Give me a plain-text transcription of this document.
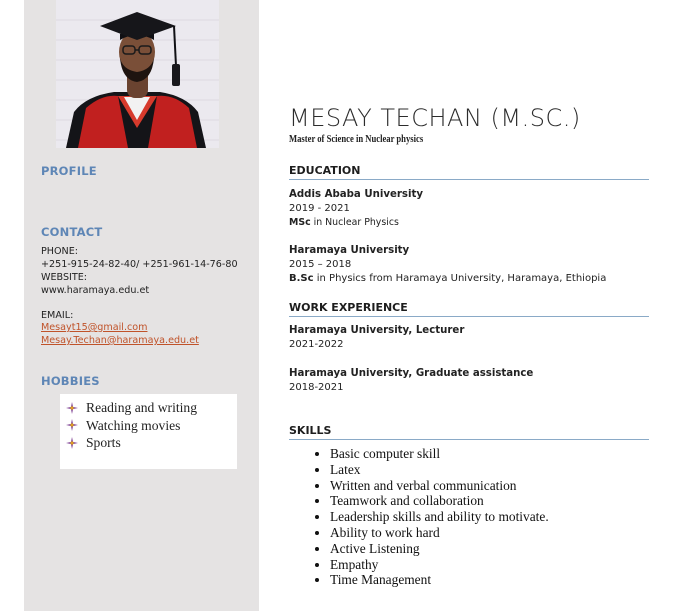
PROFILE
CONTACT
PHONE:
+251-915-24-82-40/ +251-961-14-76-80
WEBSITE:
www.haramaya.edu.et
EMAIL:
Mesayt15@gmail.com
Mesay.Techan@haramaya.edu.et
HOBBIES
Reading and writing
Watching movies
Sports
MESAY TECHAN (M.SC.)
Master of Science in Nuclear physics
EDUCATION
Addis Ababa University
2019 - 2021
MSc in Nuclear Physics
Haramaya University
2015 – 2018
B.Sc in Physics from Haramaya University, Haramaya, Ethiopia
WORK EXPERIENCE
Haramaya University, Lecturer
2021-2022
Haramaya University, Graduate assistance
2018-2021
SKILLS
• Basic computer skill
• Latex
• Written and verbal communication
• Teamwork and collaboration
• Leadership skills and ability to motivate.
• Ability to work hard
• Active Listening
• Empathy
• Time Management
